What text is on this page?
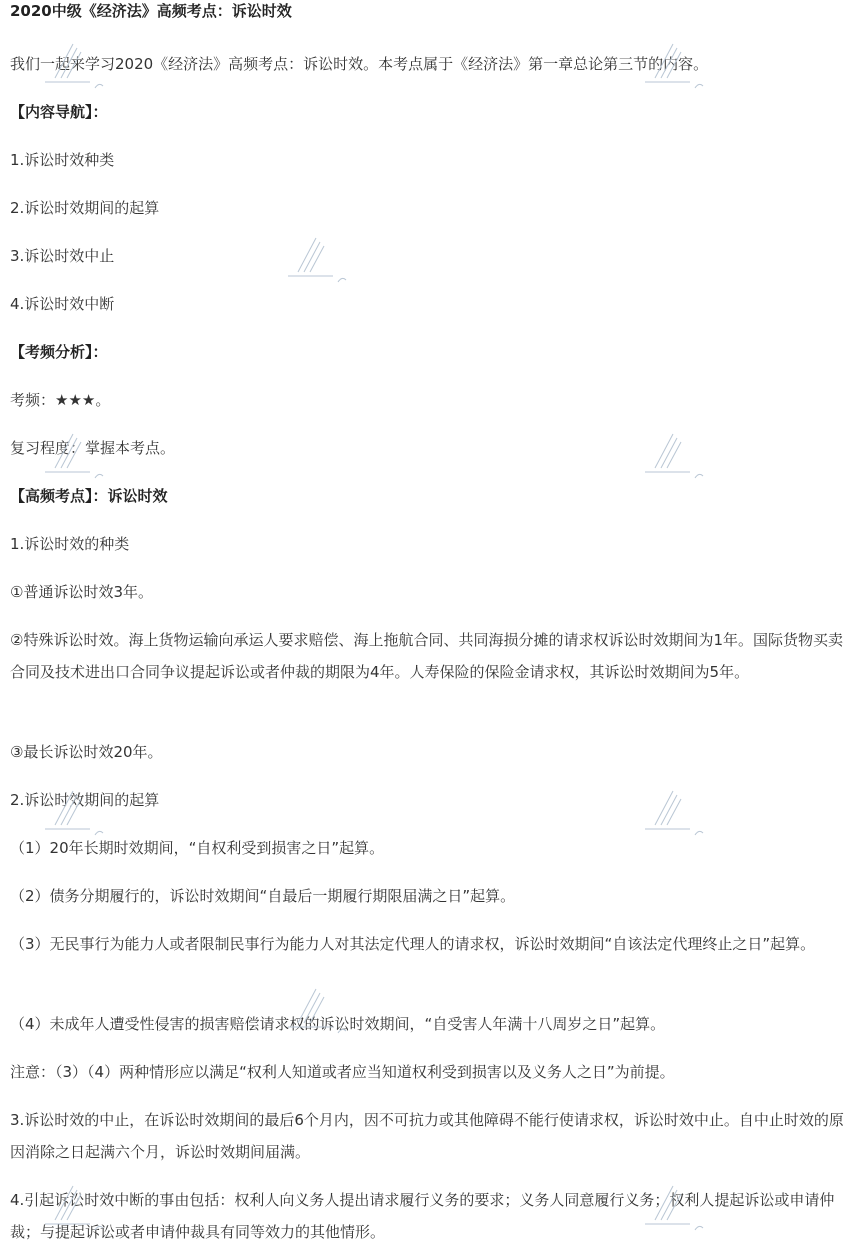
2020中级《经济法》高频考点：诉讼时效
我们一起来学习2020《经济法》高频考点：诉讼时效。本考点属于《经济法》第一章总论第三节的内容。
【内容导航】：
1.诉讼时效种类
2.诉讼时效期间的起算
3.诉讼时效中止
4.诉讼时效中断
【考频分析】：
考频：★★★。
复习程度：掌握本考点。
【高频考点】：诉讼时效
1.诉讼时效的种类
①普通诉讼时效3年。
②特殊诉讼时效。海上货物运输向承运人要求赔偿、海上拖航合同、共同海损分摊的请求权诉讼时效期间为1年。国际货物买卖合同及技术进出口合同争议提起诉讼或者仲裁的期限为4年。人寿保险的保险金请求权，其诉讼时效期间为5年。
③最长诉讼时效20年。
2.诉讼时效期间的起算
（1）20年长期时效期间，“自权利受到损害之日”起算。
（2）债务分期履行的，诉讼时效期间“自最后一期履行期限届满之日”起算。
（3）无民事行为能力人或者限制民事行为能力人对其法定代理人的请求权，诉讼时效期间“自该法定代理终止之日”起算。
（4）未成年人遭受性侵害的损害赔偿请求权的诉讼时效期间，“自受害人年满十八周岁之日”起算。
注意：（3）（4）两种情形应以满足“权利人知道或者应当知道权利受到损害以及义务人之日”为前提。
3.诉讼时效的中止，在诉讼时效期间的最后6个月内，因不可抗力或其他障碍不能行使请求权，诉讼时效中止。自中止时效的原因消除之日起满六个月，诉讼时效期间届满。
4.引起诉讼时效中断的事由包括：权利人向义务人提出请求履行义务的要求；义务人同意履行义务；权利人提起诉讼或申请仲裁；与提起诉讼或者申请仲裁具有同等效力的其他情形。
